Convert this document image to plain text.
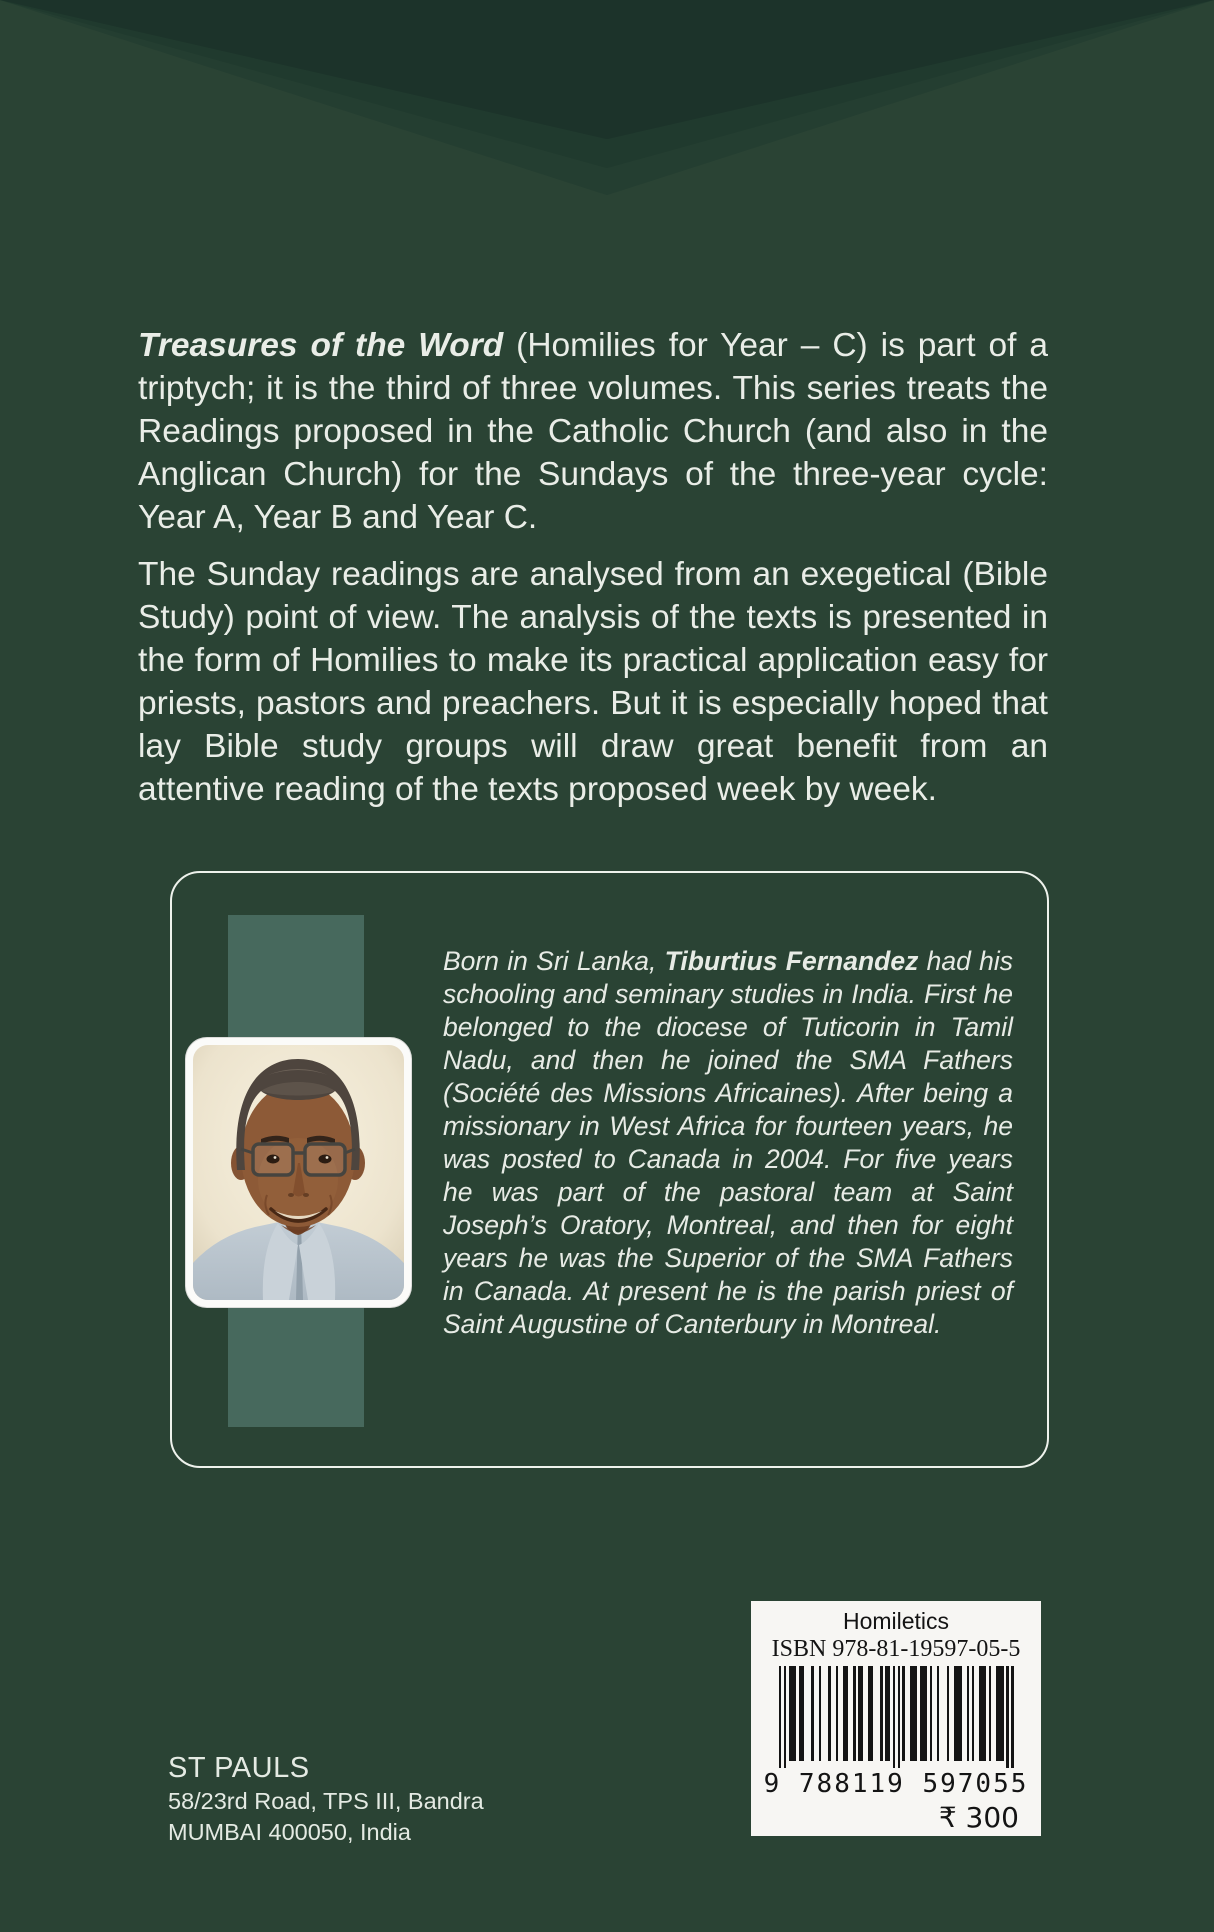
Treasures of the Word (Homilies for Year – C) is part of a triptych; it is the third of three volumes. This series treats the Readings proposed in the Catholic Church (and also in the Anglican Church) for the Sundays of the three-year cycle: Year A, Year B and Year C.

The Sunday readings are analysed from an exegetical (Bible Study) point of view. The analysis of the texts is presented in the form of Homilies to make its practical application easy for priests, pastors and preachers. But it is especially hoped that lay Bible study groups will draw great benefit from an attentive reading of the texts proposed week by week.

Born in Sri Lanka, Tiburtius Fernandez had his schooling and seminary studies in India. First he belonged to the diocese of Tuticorin in Tamil Nadu, and then he joined the SMA Fathers (Société des Missions Africaines). After being a missionary in West Africa for fourteen years, he was posted to Canada in 2004. For five years he was part of the pastoral team at Saint Joseph’s Oratory, Montreal, and then for eight years he was the Superior of the SMA Fathers in Canada. At present he is the parish priest of Saint Augustine of Canterbury in Montreal.
Homiletics
ISBN 978-81-19597-05-5
9 788119 597055
₹ 300
ST PAULS
58/23rd Road, TPS III, Bandra
MUMBAI 400050, India
